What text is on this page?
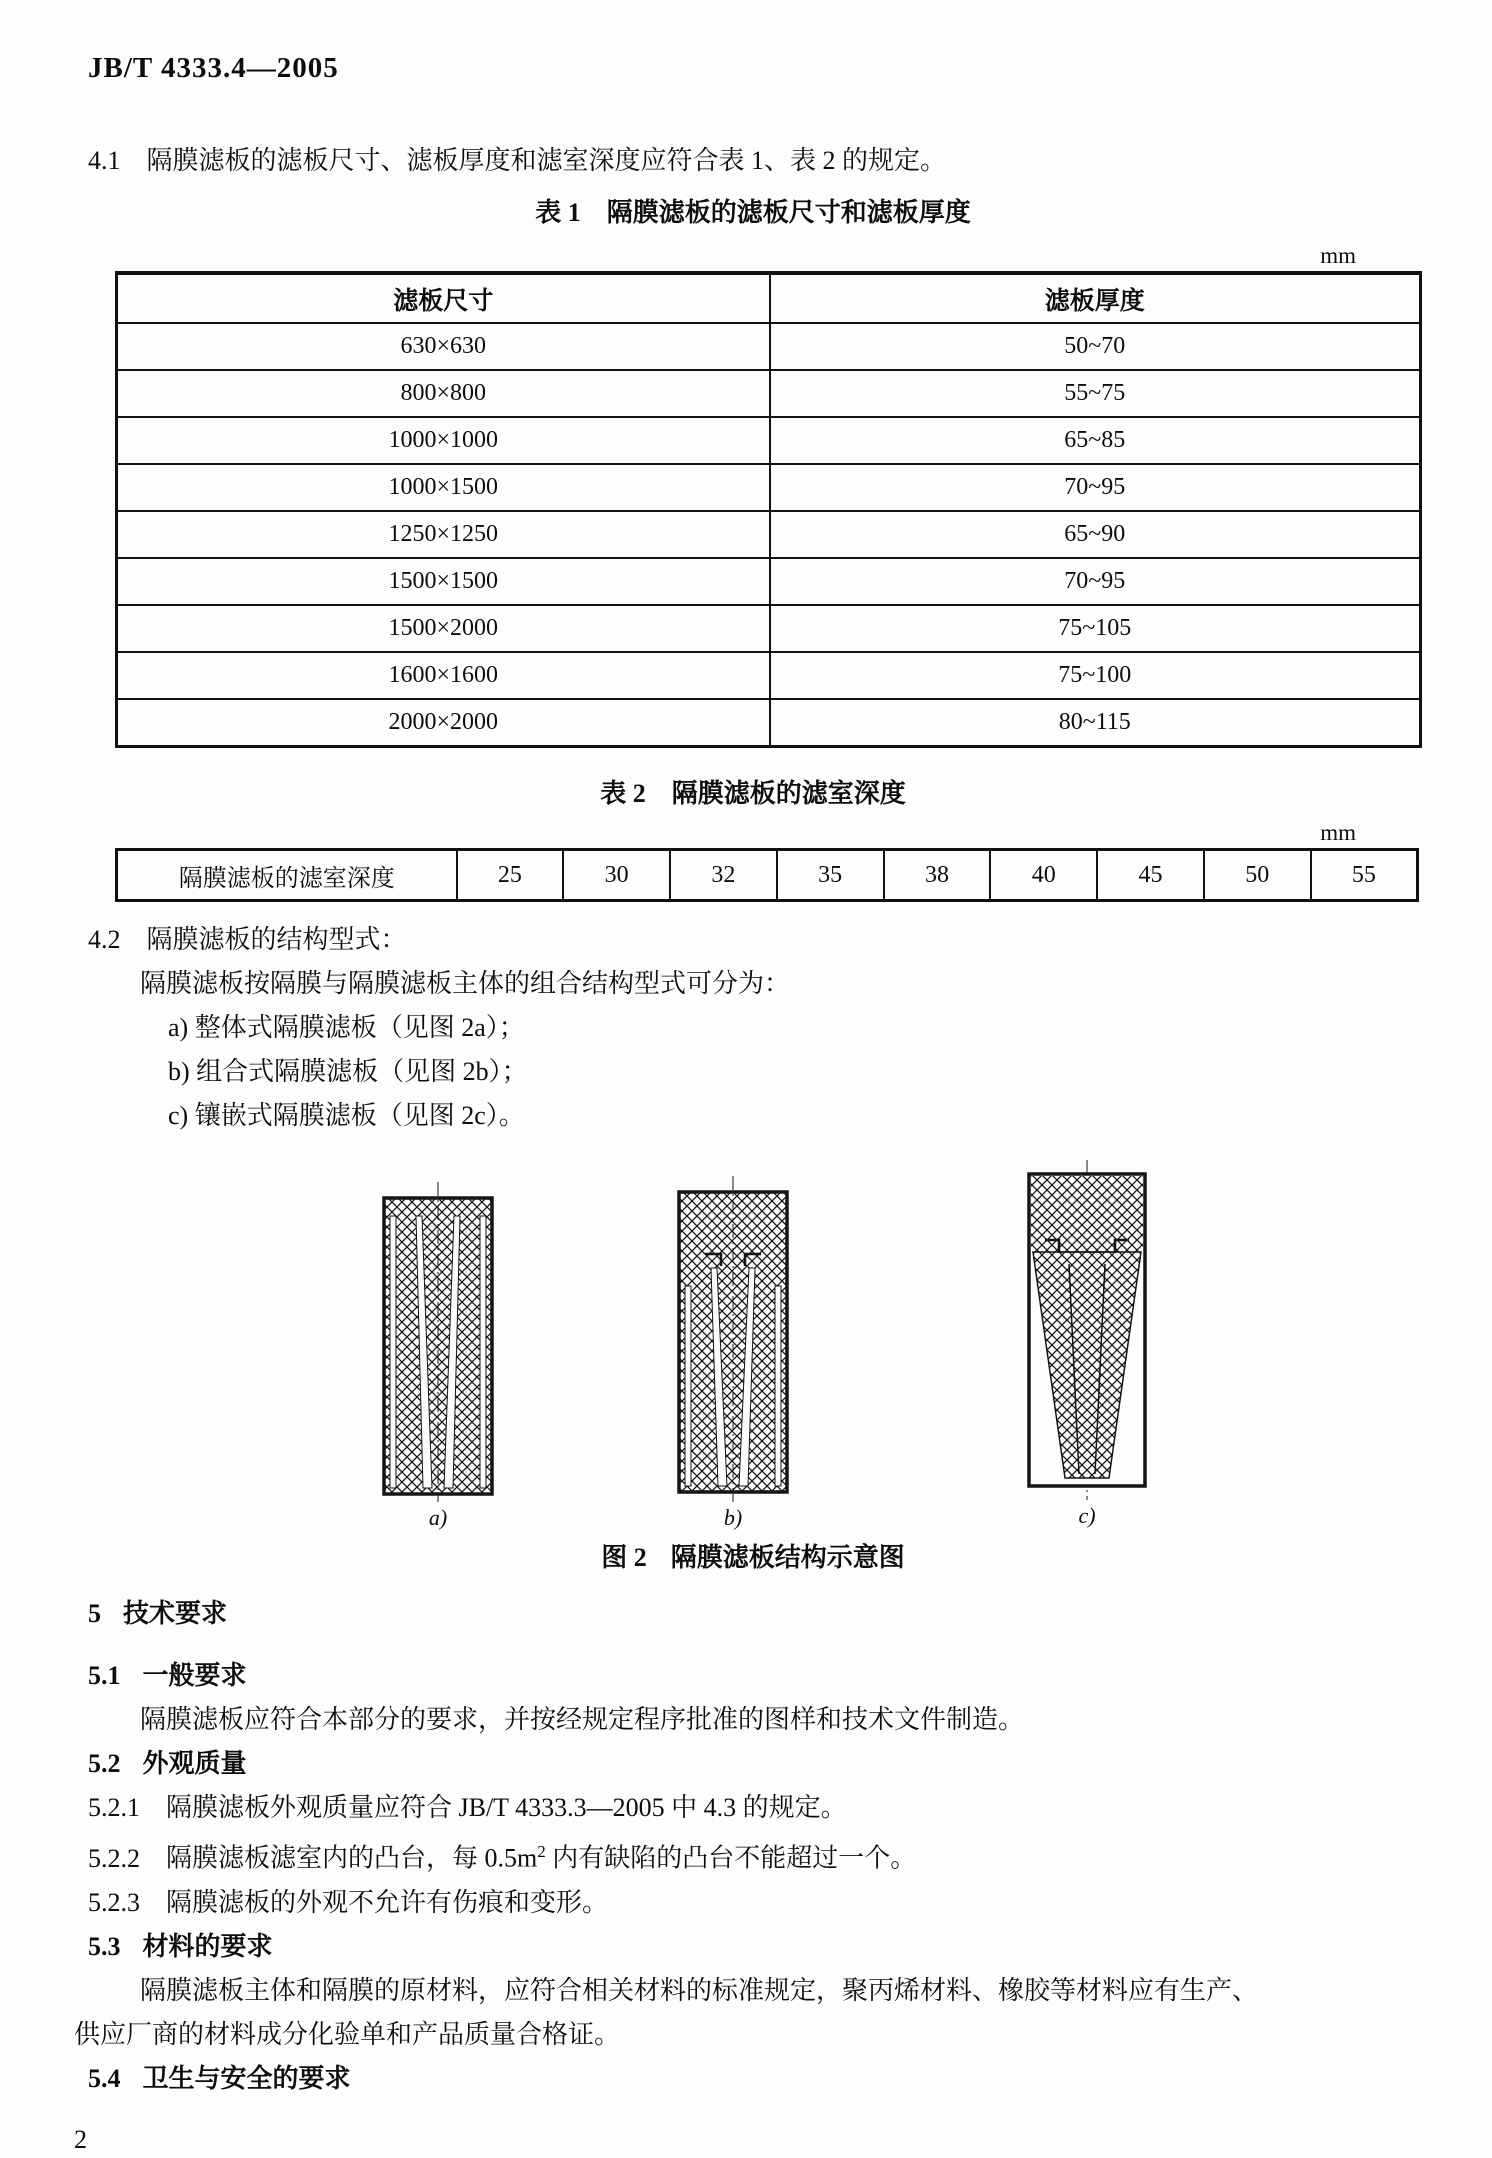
JB/T 4333.4—2005
4.1 隔膜滤板的滤板尺寸、滤板厚度和滤室深度应符合表 1、表 2 的规定。
表 1 隔膜滤板的滤板尺寸和滤板厚度
mm
滤板尺寸	滤板厚度
630×630	50~70
800×800	55~75
1000×1000	65~85
1000×1500	70~95
1250×1250	65~90
1500×1500	70~95
1500×2000	75~105
1600×1600	75~100
2000×2000	80~115
表 2 隔膜滤板的滤室深度
mm
隔膜滤板的滤室深度	25	30	32	35	38	40	45	50	55
4.2 隔膜滤板的结构型式：
隔膜滤板按隔膜与隔膜滤板主体的组合结构型式可分为：
a) 整体式隔膜滤板（见图 2a）；
b) 组合式隔膜滤板（见图 2b）；
c) 镶嵌式隔膜滤板（见图 2c）。
a)	b)	c)
图 2 隔膜滤板结构示意图
5 技术要求
5.1 一般要求
隔膜滤板应符合本部分的要求，并按经规定程序批准的图样和技术文件制造。
5.2 外观质量
5.2.1 隔膜滤板外观质量应符合 JB/T 4333.3—2005 中 4.3 的规定。
5.2.2 隔膜滤板滤室内的凸台，每 $0.5m^2$ 内有缺陷的凸台不能超过一个。
5.2.3 隔膜滤板的外观不允许有伤痕和变形。
5.3 材料的要求
隔膜滤板主体和隔膜的原材料，应符合相关材料的标准规定，聚丙烯材料、橡胶等材料应有生产、
供应厂商的材料成分化验单和产品质量合格证。
5.4 卫生与安全的要求
2
